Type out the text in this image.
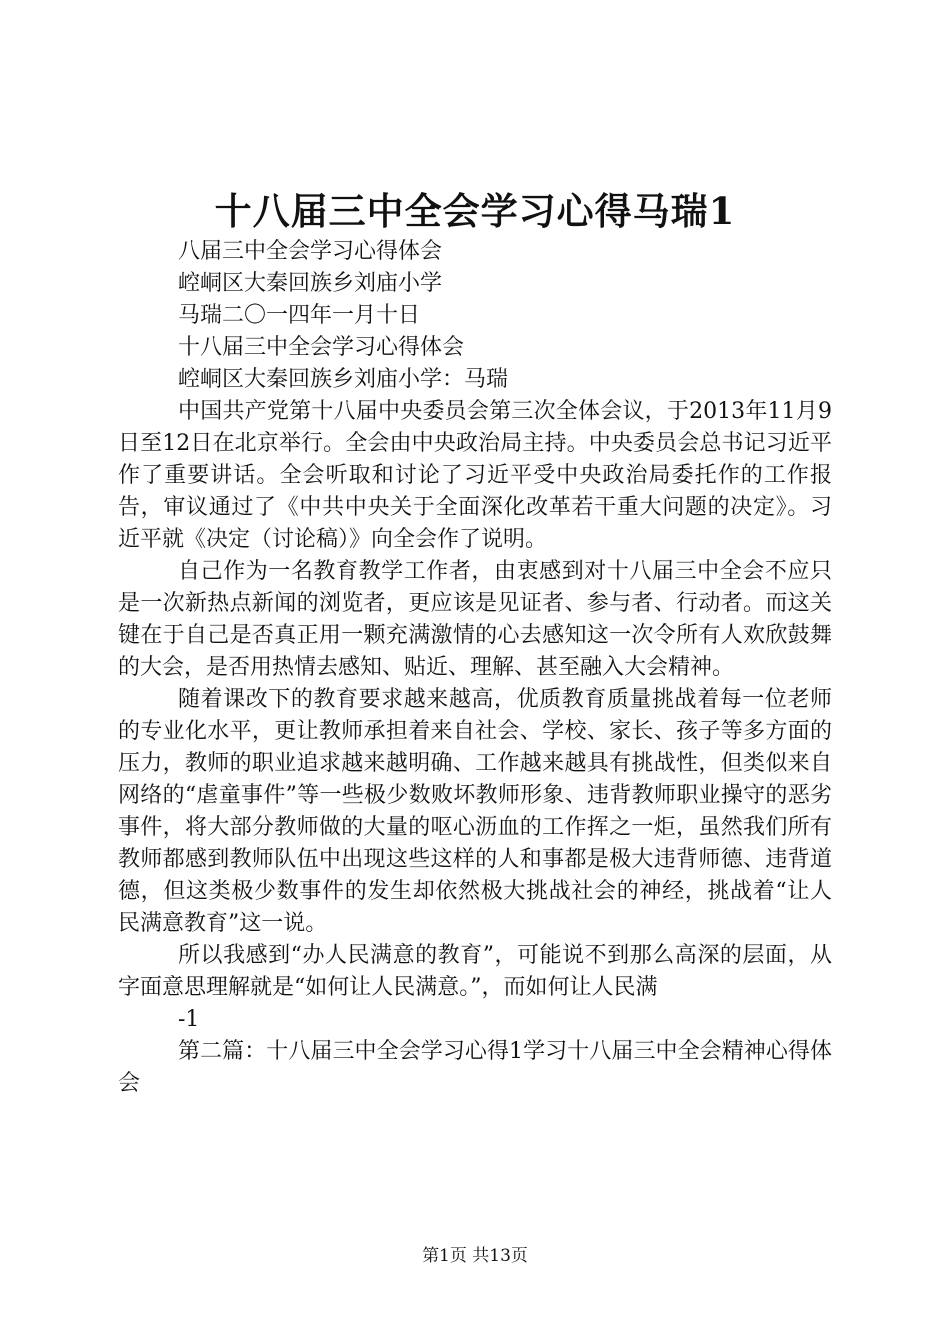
十八届三中全会学习心得马瑞1

八届三中全会学习心得体会

崆峒区大秦回族乡刘庙小学

马瑞二〇一四年一月十日

十八届三中全会学习心得体会

崆峒区大秦回族乡刘庙小学：马瑞

中国共产党第十八届中央委员会第三次全体会议，于2013年11月9日至12日在北京举行。全会由中央政治局主持。中央委员会总书记习近平作了重要讲话。全会听取和讨论了习近平受中央政治局委托作的工作报告，审议通过了《中共中央关于全面深化改革若干重大问题的决定》。习近平就《决定（讨论稿）》向全会作了说明。

自己作为一名教育教学工作者，由衷感到对十八届三中全会不应只是一次新热点新闻的浏览者，更应该是见证者、参与者、行动者。而这关键在于自己是否真正用一颗充满激情的心去感知这一次令所有人欢欣鼓舞的大会，是否用热情去感知、贴近、理解、甚至融入大会精神。

随着课改下的教育要求越来越高，优质教育质量挑战着每一位老师的专业化水平，更让教师承担着来自社会、学校、家长、孩子等多方面的压力，教师的职业追求越来越明确、工作越来越具有挑战性，但类似来自网络的“虐童事件”等一些极少数败坏教师形象、违背教师职业操守的恶劣事件，将大部分教师做的大量的呕心沥血的工作挥之一炬，虽然我们所有教师都感到教师队伍中出现这些这样的人和事都是极大违背师德、违背道德，但这类极少数事件的发生却依然极大挑战社会的神经，挑战着“让人民满意教育”这一说。

所以我感到“办人民满意的教育”，可能说不到那么高深的层面，从字面意思理解就是“如何让人民满意。”，而如何让人民满

-1

第二篇：十八届三中全会学习心得1学习十八届三中全会精神心得体会

第1页 共13页
